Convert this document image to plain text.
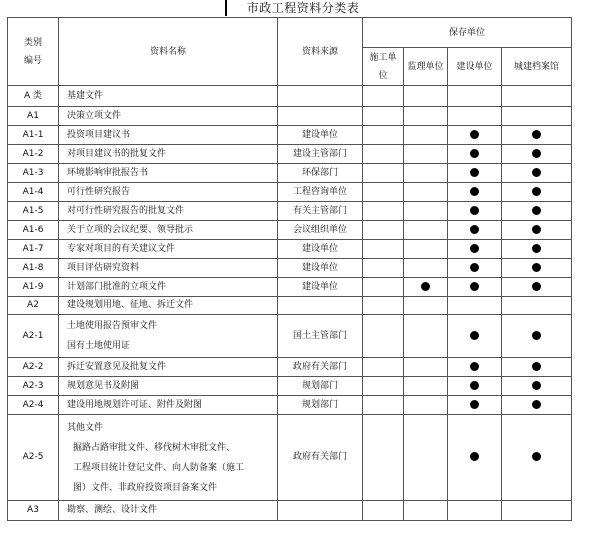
市政工程资料分类表
类别
编号	资料名称	资料来源	保存单位			
			施工单位	监理单位	建设单位	城建档案馆
A 类	基建文件					
A1	决策立项文件					
A1-1	投资项目建议书	建设单位				
A1-2	对项目建议书的批复文件	建设主管部门				
A1-3	环境影响审批报告书	环保部门				
A1-4	可行性研究报告	工程咨询单位				
A1-5	对可行性研究报告的批复文件	有关主管部门				
A1-6	关于立项的会议纪要、领导批示	会议组织单位				
A1-7	专家对项目的有关建议文件	建设单位				
A1-8	项目评估研究资料	建设单位				
A1-9	计划部门批准的立项文件	建设单位				
A2	建设规划用地、征地、拆迁文件					
A2-1	土地使用报告预审文件
国有土地使用证	国土主管部门				
A2-2	拆迁安置意见及批复文件	政府有关部门				
A2-3	规划意见书及附图	规划部门				
A2-4	建设用地规划许可证、附件及附图	规划部门				
A2-5	其他文件
掘路占路审批文件、移伐树木审批文件、
工程项目统计登记文件、向人防备案（施工
图）文件、非政府投资项目备案文件	政府有关部门				
A3	勘察、测绘、设计文件					
